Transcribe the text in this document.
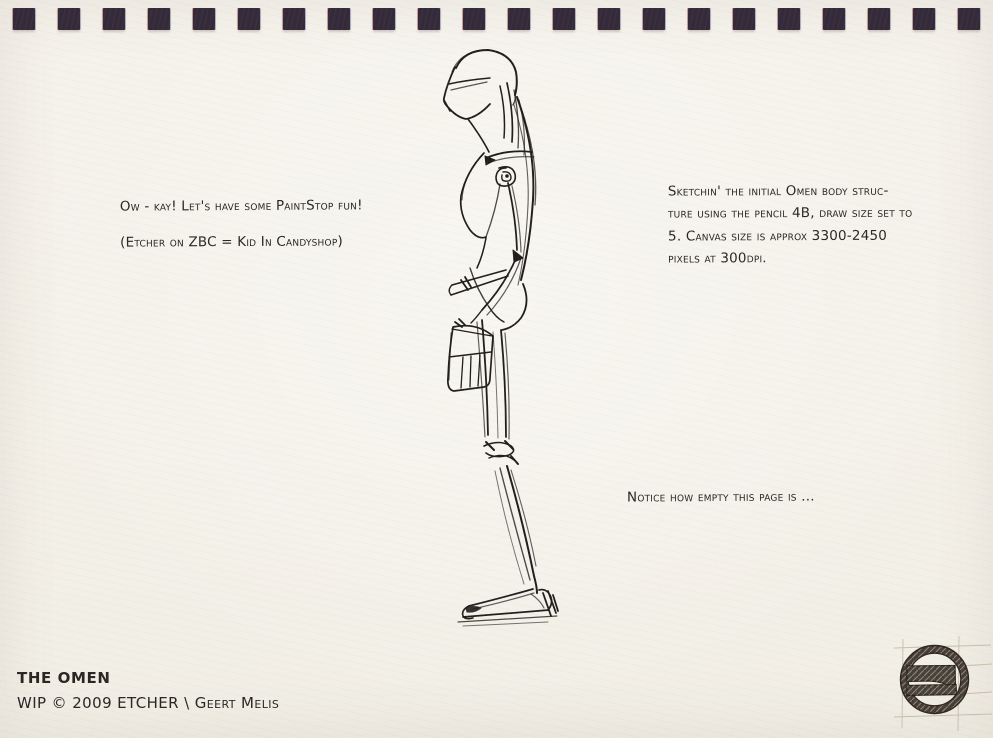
Ow - kay! Let's have some PaintStop fun!
(Etcher on ZBC = Kid In Candyshop)
Sketchin' the initial Omen body struc-
ture using the pencil 4B, draw size set to
5. Canvas size is approx 3300-2450
pixels at 300dpi.
Notice how empty this page is ...
THE OMEN
WIP © 2009 ETCHER \ Geert Melis
